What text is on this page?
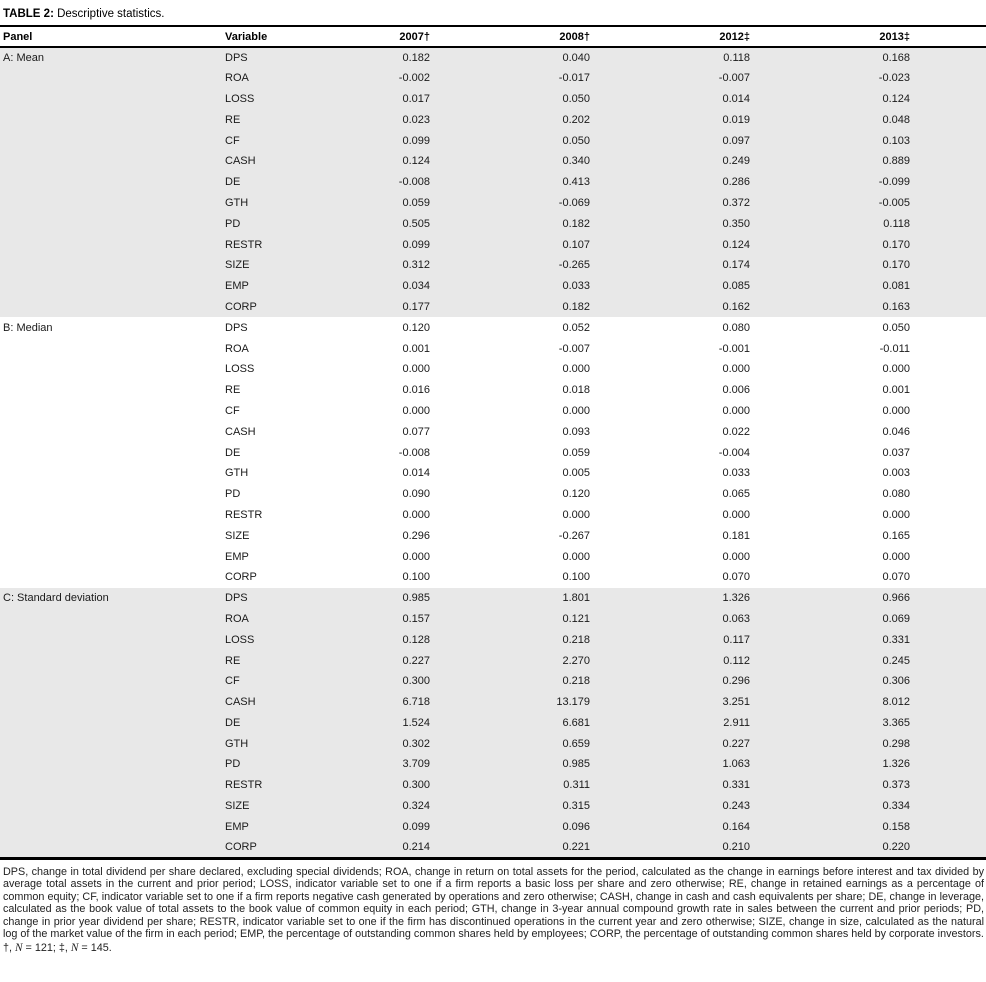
TABLE 2: Descriptive statistics.
Panel	Variable	2007†	2008†	2012‡	2013‡
A: Mean	DPS	0.182	0.040	0.118	0.168
	ROA	-0.002	-0.017	-0.007	-0.023
	LOSS	0.017	0.050	0.014	0.124
	RE	0.023	0.202	0.019	0.048
	CF	0.099	0.050	0.097	0.103
	CASH	0.124	0.340	0.249	0.889
	DE	-0.008	0.413	0.286	-0.099
	GTH	0.059	-0.069	0.372	-0.005
	PD	0.505	0.182	0.350	0.118
	RESTR	0.099	0.107	0.124	0.170
	SIZE	0.312	-0.265	0.174	0.170
	EMP	0.034	0.033	0.085	0.081
	CORP	0.177	0.182	0.162	0.163
B: Median	DPS	0.120	0.052	0.080	0.050
	ROA	0.001	-0.007	-0.001	-0.011
	LOSS	0.000	0.000	0.000	0.000
	RE	0.016	0.018	0.006	0.001
	CF	0.000	0.000	0.000	0.000
	CASH	0.077	0.093	0.022	0.046
	DE	-0.008	0.059	-0.004	0.037
	GTH	0.014	0.005	0.033	0.003
	PD	0.090	0.120	0.065	0.080
	RESTR	0.000	0.000	0.000	0.000
	SIZE	0.296	-0.267	0.181	0.165
	EMP	0.000	0.000	0.000	0.000
	CORP	0.100	0.100	0.070	0.070
C: Standard deviation	DPS	0.985	1.801	1.326	0.966
	ROA	0.157	0.121	0.063	0.069
	LOSS	0.128	0.218	0.117	0.331
	RE	0.227	2.270	0.112	0.245
	CF	0.300	0.218	0.296	0.306
	CASH	6.718	13.179	3.251	8.012
	DE	1.524	6.681	2.911	3.365
	GTH	0.302	0.659	0.227	0.298
	PD	3.709	0.985	1.063	1.326
	RESTR	0.300	0.311	0.331	0.373
	SIZE	0.324	0.315	0.243	0.334
	EMP	0.099	0.096	0.164	0.158
	CORP	0.214	0.221	0.210	0.220

DPS, change in total dividend per share declared, excluding special dividends; ROA, change in return on total assets for the period, calculated as the change in earnings before interest and tax divided by average total assets in the current and prior period; LOSS, indicator variable set to one if a firm reports a basic loss per share and zero otherwise; RE, change in retained earnings as a percentage of common equity; CF, indicator variable set to one if a firm reports negative cash generated by operations and zero otherwise; CASH, change in cash and cash equivalents per share; DE, change in leverage, calculated as the book value of total assets to the book value of common equity in each period; GTH, change in 3-year annual compound growth rate in sales between the current and prior periods; PD, change in prior year dividend per share; RESTR, indicator variable set to one if the firm has discontinued operations in the current year and zero otherwise; SIZE, change in size, calculated as the natural log of the market value of the firm in each period; EMP, the percentage of outstanding common shares held by employees; CORP, the percentage of outstanding common shares held by corporate investors.

†, N = 121; ‡, N = 145.
